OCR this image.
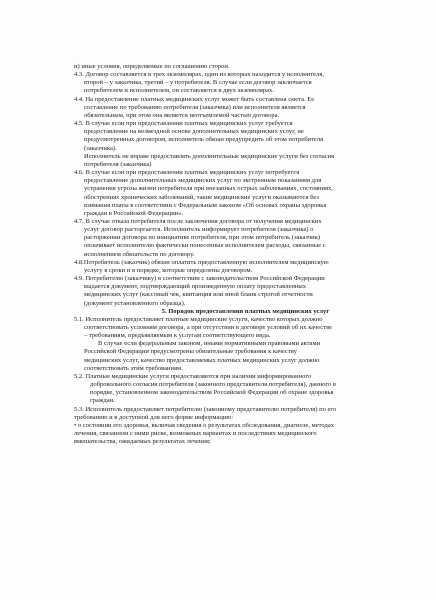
и) иные условия, определяемые по соглашению сторон.
4.3. Договор составляется в трех экземплярах, один из которых находится у исполнителя,
второй – у заказчика, третий – у потребителя. В случае если договор заключается
потребителем и исполнителем, он составляется в двух экземплярах.
4.4. На предоставление платных медицинских услуг может быть составлена смета. Ее
составление по требованию потребителя (заказчика) или исполнителя является
обязательным, при этом она является неотъемлемой частью договора.
4.5. В случае если при предоставлении платных медицинских услуг требуется
предоставление на возмездной основе дополнительных медицинских услуг, не
предусмотренных договором, исполнитель обязан предупредить об этом потребителя
(заказчика).
Исполнитель не вправе предоставлять дополнительные медицинские услуги без согласия
потребителя (заказчика)
4.6. В случае если при предоставлении платных медицинских услуг потребуется
предоставление дополнительных медицинских услуг по экстренным показаниям для
устранения угрозы жизни потребителя при внезапных острых заболеваниях, состояниях,
обострениях хронических заболеваний, такие медицинские услуги оказываются без
взимания платы в соответствии с Федеральным законом «Об основах охраны здоровья
граждан в Российской Федерации».
4.7. В случае отказа потребителя после заключения договора от получения медицинских
услуг договор расторгается. Исполнитель информирует потребителя (заказчика) о
расторжении договора по инициативе потребителя, при этом потребитель (заказчик)
оплачивает исполнителю фактически понесенные исполнителем расходы, связанные с
исполнением обязательств по договору.
4.8.Потребитель (заказчик) обязан оплатить предоставленную исполнителем медицинскую
услугу в сроки и в порядке, которые определены договором.
4.9. Потребителю (заказчику) в соответствии с законодательством Российской Федерации
выдается документ, подтверждающий произведенную оплату предоставленных
медицинских услуг (кассовый чек, квитанция или иной бланк строгой отчетности
(документ установленного образца).
5. Порядок предоставления платных медицинских услуг
5.1. Исполнитель предоставляет платные медицинские услуги, качество которых должно
соответствовать условиям договора, а при отсутствии в договоре условий об их качестве
– требованиям, предъявляемым к услугам соответствующего вида.
В случае если федеральным законом, иными нормативными правовыми актами
Российской Федерации предусмотрены обязательные требования к качеству
медицинских услуг, качество предоставляемых платных медицинских услуг должно
соответствовать этим требованиям.
5.2. Платные медицинские услуги предоставляются при наличии информированного
добровольного согласия потребителя (законного представителя потребителя), данного в
порядке, установленном законодательством Российской Федерации об охране здоровья
граждан.
5.3. Исполнитель предоставляет потребителю (законному представителю потребителя) по его
требованию и в доступной для него форме информацию:
• о состоянии его здоровья, включая сведения о результатах обследования, диагнозе, методах
лечения, связанном с ними риске, возможных вариантах и последствиях медицинского
вмешательства, ожидаемых результатах лечения;
